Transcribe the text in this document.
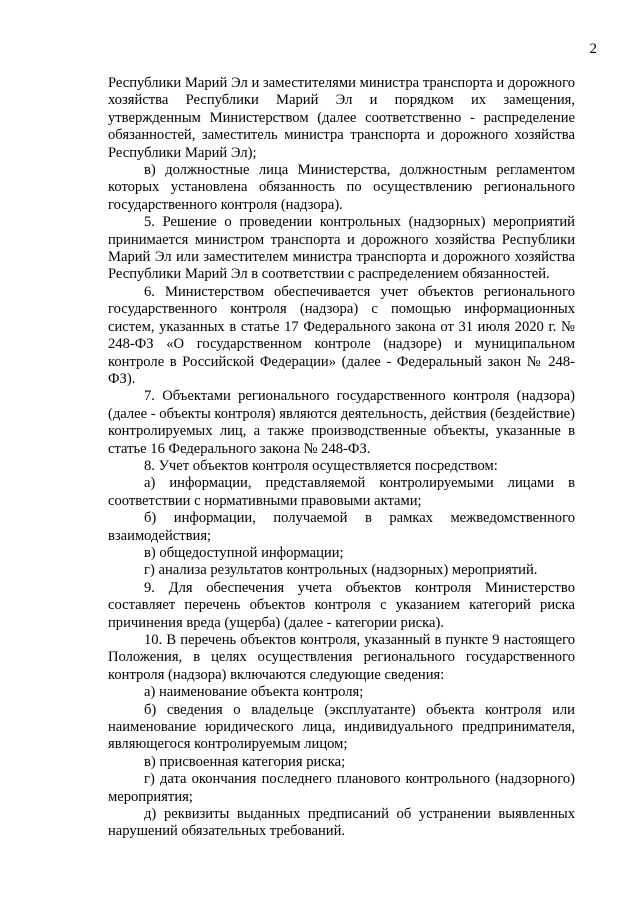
2

Республики Марий Эл и заместителями министра транспорта и дорожного хозяйства Республики Марий Эл и порядком их замещения, утвержденным Министерством (далее соответственно - распределение обязанностей, заместитель министра транспорта и дорожного хозяйства Республики Марий Эл);

в) должностные лица Министерства, должностным регламентом которых установлена обязанность по осуществлению регионального государственного контроля (надзора).

5. Решение о проведении контрольных (надзорных) мероприятий принимается министром транспорта и дорожного хозяйства Республики Марий Эл или заместителем министра транспорта и дорожного хозяйства Республики Марий Эл в соответствии с распределением обязанностей.

6. Министерством обеспечивается учет объектов регионального государственного контроля (надзора) с помощью информационных систем, указанных в статье 17 Федерального закона от 31 июля 2020 г. № 248-ФЗ «О государственном контроле (надзоре) и муниципальном контроле в Российской Федерации» (далее - Федеральный закон № 248-ФЗ).

7. Объектами регионального государственного контроля (надзора) (далее - объекты контроля) являются деятельность, действия (бездействие) контролируемых лиц, а также производственные объекты, указанные в статье 16 Федерального закона № 248-ФЗ.

8. Учет объектов контроля осуществляется посредством:

а) информации, представляемой контролируемыми лицами в соответствии с нормативными правовыми актами;

б) информации, получаемой в рамках межведомственного взаимодействия;

в) общедоступной информации;

г) анализа результатов контрольных (надзорных) мероприятий.

9. Для обеспечения учета объектов контроля Министерство составляет перечень объектов контроля с указанием категорий риска причинения вреда (ущерба) (далее - категории риска).

10. В перечень объектов контроля, указанный в пункте 9 настоящего Положения, в целях осуществления регионального государственного контроля (надзора) включаются следующие сведения:

а) наименование объекта контроля;

б) сведения о владельце (эксплуатанте) объекта контроля или наименование юридического лица, индивидуального предпринимателя, являющегося контролируемым лицом;

в) присвоенная категория риска;

г) дата окончания последнего планового контрольного (надзорного) мероприятия;

д) реквизиты выданных предписаний об устранении выявленных нарушений обязательных требований.
